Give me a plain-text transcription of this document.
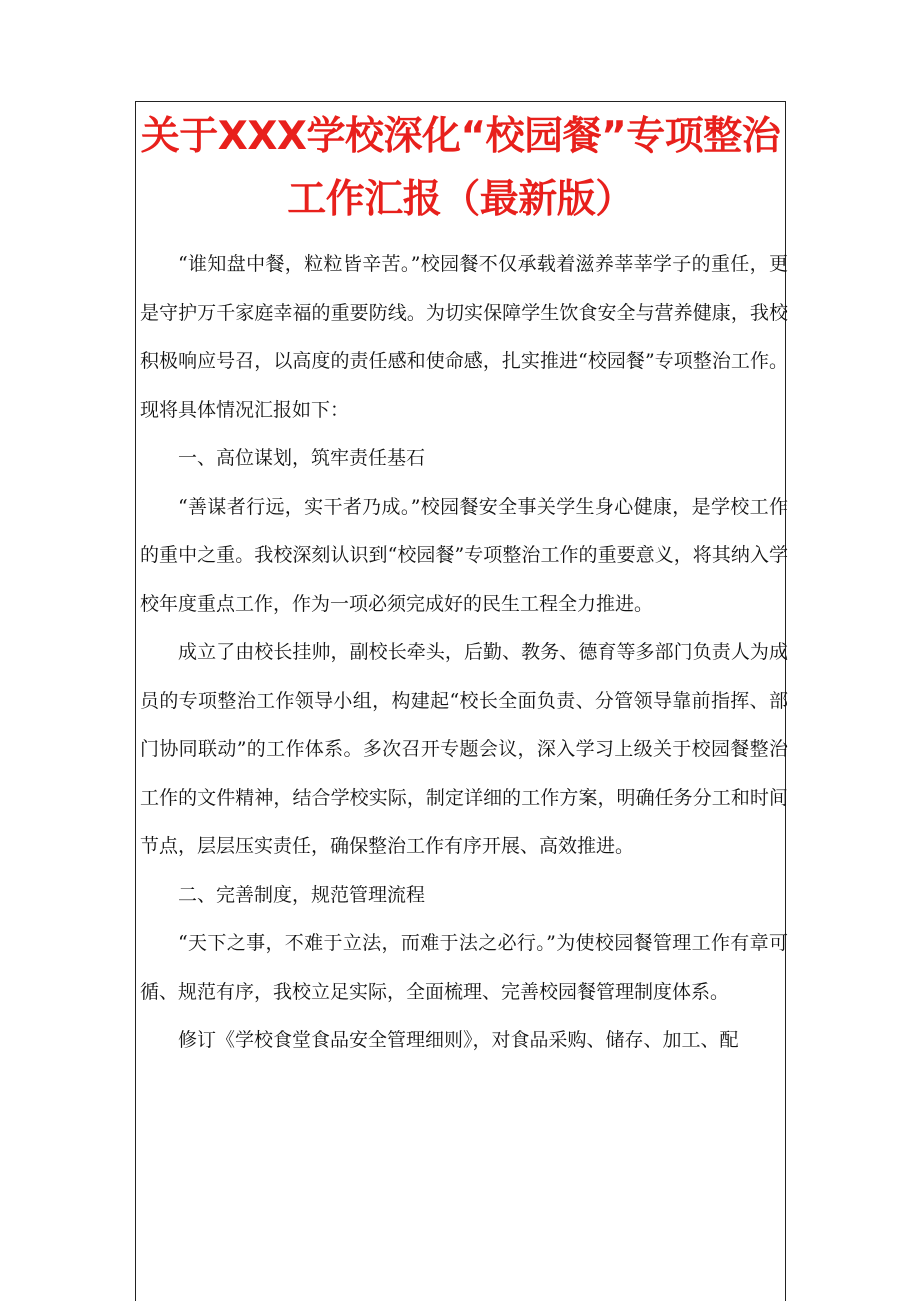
关于XXX学校深化“校园餐”专项整治
工作汇报（最新版）

“谁知盘中餐，粒粒皆辛苦。”校园餐不仅承载着滋养莘莘学子的重任，更是守护万千家庭幸福的重要防线。为切实保障学生饮食安全与营养健康，我校积极响应号召，以高度的责任感和使命感，扎实推进“校园餐”专项整治工作。现将具体情况汇报如下：

一、高位谋划，筑牢责任基石

“善谋者行远，实干者乃成。”校园餐安全事关学生身心健康，是学校工作的重中之重。我校深刻认识到“校园餐”专项整治工作的重要意义，将其纳入学校年度重点工作，作为一项必须完成好的民生工程全力推进。

成立了由校长挂帅，副校长牵头，后勤、教务、德育等多部门负责人为成员的专项整治工作领导小组，构建起“校长全面负责、分管领导靠前指挥、部门协同联动”的工作体系。多次召开专题会议，深入学习上级关于校园餐整治工作的文件精神，结合学校实际，制定详细的工作方案，明确任务分工和时间节点，层层压实责任，确保整治工作有序开展、高效推进。

二、完善制度，规范管理流程

“天下之事，不难于立法，而难于法之必行。”为使校园餐管理工作有章可循、规范有序，我校立足实际，全面梳理、完善校园餐管理制度体系。

修订《学校食堂食品安全管理细则》，对食品采购、储存、加工、配
